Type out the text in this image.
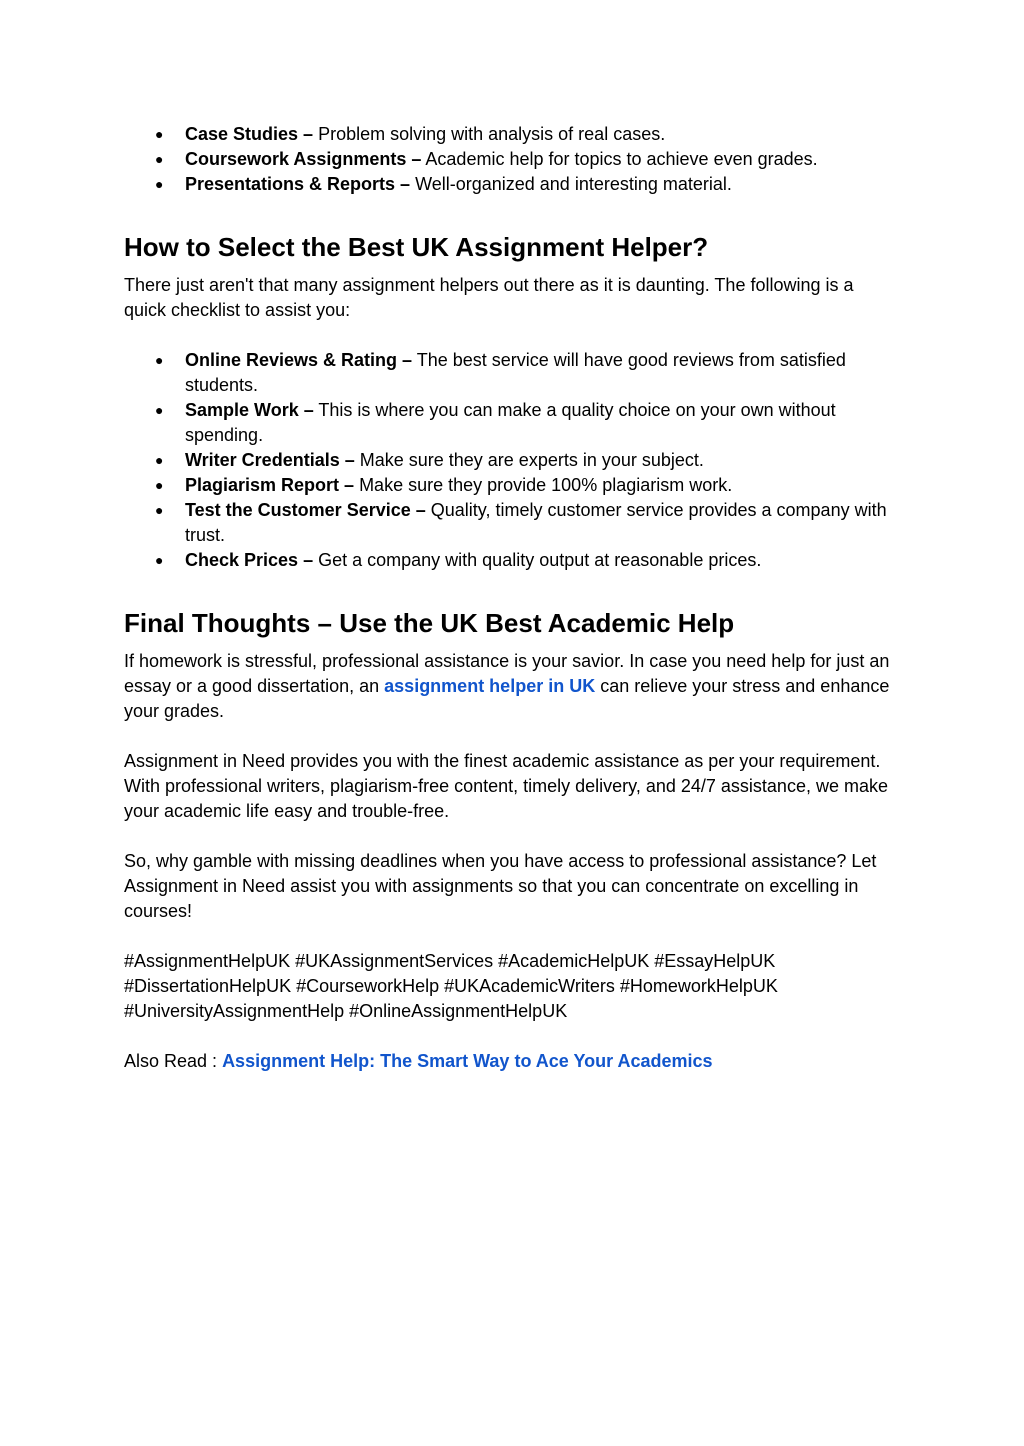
● Case Studies – Problem solving with analysis of real cases.
● Coursework Assignments – Academic help for topics to achieve even grades.
● Presentations & Reports – Well-organized and interesting material.
How to Select the Best UK Assignment Helper?

There just aren't that many assignment helpers out there as it is daunting. The following is a quick checklist to assist you:

● Online Reviews & Rating – The best service will have good reviews from satisfied students.
● Sample Work – This is where you can make a quality choice on your own without spending.
● Writer Credentials – Make sure they are experts in your subject.
● Plagiarism Report – Make sure they provide 100% plagiarism work.
● Test the Customer Service – Quality, timely customer service provides a company with trust.
● Check Prices – Get a company with quality output at reasonable prices.
Final Thoughts – Use the UK Best Academic Help

If homework is stressful, professional assistance is your savior. In case you need help for just an essay or a good dissertation, an assignment helper in UK can relieve your stress and enhance your grades.

Assignment in Need provides you with the finest academic assistance as per your requirement. With professional writers, plagiarism-free content, timely delivery, and 24/7 assistance, we make your academic life easy and trouble-free.

So, why gamble with missing deadlines when you have access to professional assistance? Let Assignment in Need assist you with assignments so that you can concentrate on excelling in courses!

#AssignmentHelpUK #UKAssignmentServices #AcademicHelpUK #EssayHelpUK #DissertationHelpUK #CourseworkHelp #UKAcademicWriters #HomeworkHelpUK #UniversityAssignmentHelp #OnlineAssignmentHelpUK

Also Read : Assignment Help: The Smart Way to Ace Your Academics
